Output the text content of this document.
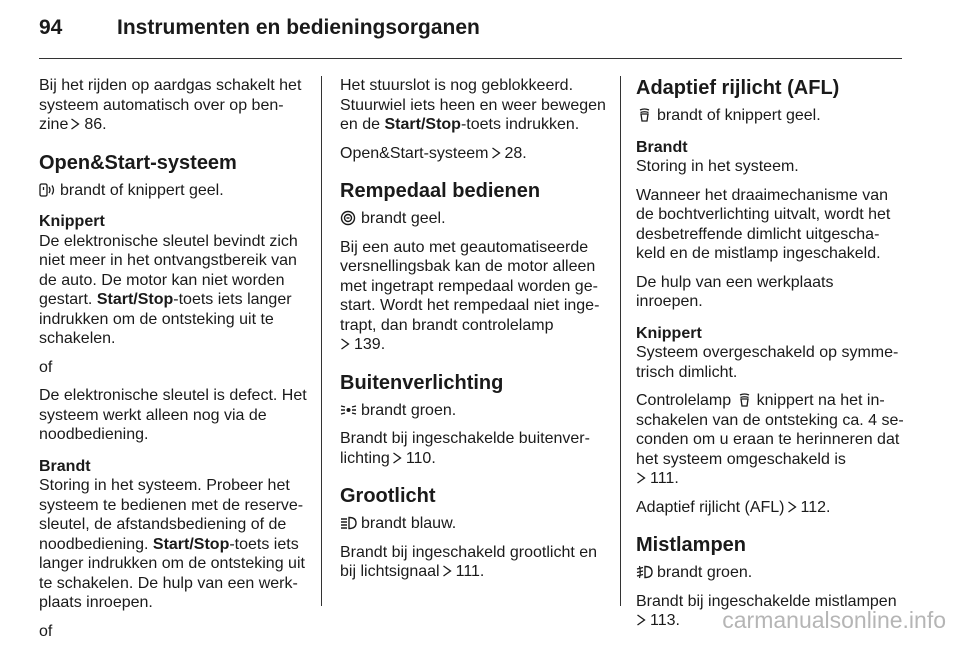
94	Instrumenten en bedieningsorganen

Bij het rijden op aardgas schakelt het systeem automatisch over op ben-zine 86.

Open&Start-systeem

brandt of knippert geel.

Knippert

De elektronische sleutel bevindt zich niet meer in het ontvangstbereik van de auto. De motor kan niet worden gestart. Start/Stop-toets iets langer indrukken om de ontsteking uit te schakelen.

of

De elektronische sleutel is defect. Het systeem werkt alleen nog via de noodbediening.

Brandt

Storing in het systeem. Probeer het systeem te bedienen met de reserve-sleutel, de afstandsbediening of de noodbediening. Start/Stop-toets iets langer indrukken om de ontsteking uit te schakelen. De hulp van een werk-plaats inroepen.

of

Het stuurslot is nog geblokkeerd. Stuurwiel iets heen en weer bewegen en de Start/Stop-toets indrukken.

Open&Start-systeem 28.

Rempedaal bedienen

brandt geel.

Bij een auto met geautomatiseerde versnellingsbak kan de motor alleen met ingetrapt rempedaal worden ge-start. Wordt het rempedaal niet inge-trapt, dan brandt controlelamp
139.

Buitenverlichting

brandt groen.

Brandt bij ingeschakelde buitenver-lichting 110.

Grootlicht

brandt blauw.

Brandt bij ingeschakeld grootlicht en bij lichtsignaal 111.

Adaptief rijlicht (AFL)

brandt of knippert geel.

Brandt

Storing in het systeem.

Wanneer het draaimechanisme van de bochtverlichting uitvalt, wordt het desbetreffende dimlicht uitgescha-keld en de mistlamp ingeschakeld.

De hulp van een werkplaats inroepen.

Knippert

Systeem overgeschakeld op symme-trisch dimlicht.

Controlelamp knippert na het in-schakelen van de ontsteking ca. 4 se-conden om u eraan te herinneren dat het systeem omgeschakeld is
111.

Adaptief rijlicht (AFL) 112.

Mistlampen

brandt groen.

Brandt bij ingeschakelde mistlampen
113.	carmanualsonline.info
